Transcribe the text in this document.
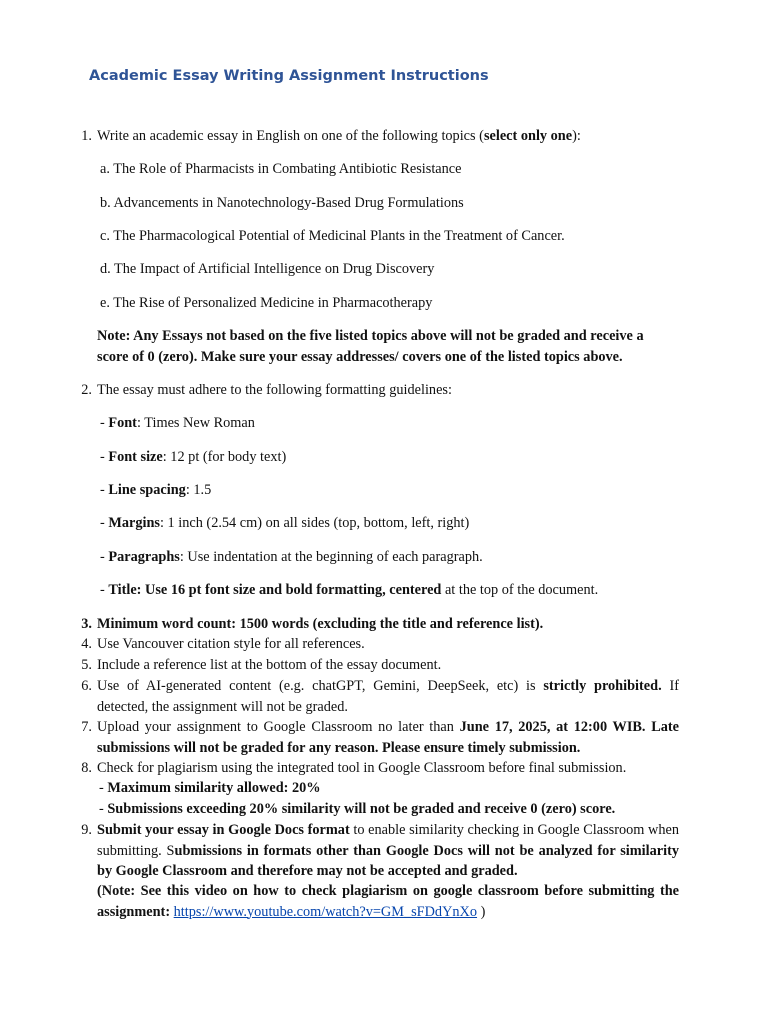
Academic Essay Writing Assignment Instructions
1. Write an academic essay in English on one of the following topics (select only one):
a. The Role of Pharmacists in Combating Antibiotic Resistance
b. Advancements in Nanotechnology-Based Drug Formulations
c. The Pharmacological Potential of Medicinal Plants in the Treatment of Cancer.
d. The Impact of Artificial Intelligence on Drug Discovery
e. The Rise of Personalized Medicine in Pharmacotherapy
Note: Any Essays not based on the five listed topics above will not be graded and receive a
score of 0 (zero). Make sure your essay addresses/ covers one of the listed topics above.
2. The essay must adhere to the following formatting guidelines:
- Font: Times New Roman
- Font size: 12 pt (for body text)
- Line spacing: 1.5
- Margins: 1 inch (2.54 cm) on all sides (top, bottom, left, right)
- Paragraphs: Use indentation at the beginning of each paragraph.
- Title: Use 16 pt font size and bold formatting, centered at the top of the document.
3. Minimum word count: 1500 words (excluding the title and reference list).
4. Use Vancouver citation style for all references.
5. Include a reference list at the bottom of the essay document.
6. Use of AI-generated content (e.g. chatGPT, Gemini, DeepSeek, etc) is strictly prohibited. If detected, the assignment will not be graded.
7. Upload your assignment to Google Classroom no later than June 17, 2025, at 12:00 WIB. Late submissions will not be graded for any reason. Please ensure timely submission.
8. Check for plagiarism using the integrated tool in Google Classroom before final submission.
- Maximum similarity allowed: 20%
- Submissions exceeding 20% similarity will not be graded and receive 0 (zero) score.
9. Submit your essay in Google Docs format to enable similarity checking in Google Classroom when submitting. Submissions in formats other than Google Docs will not be analyzed for similarity by Google Classroom and therefore may not be accepted and graded.
(Note: See this video on how to check plagiarism on google classroom before submitting the assignment: https://www.youtube.com/watch?v=GM_sFDdYnXo )
